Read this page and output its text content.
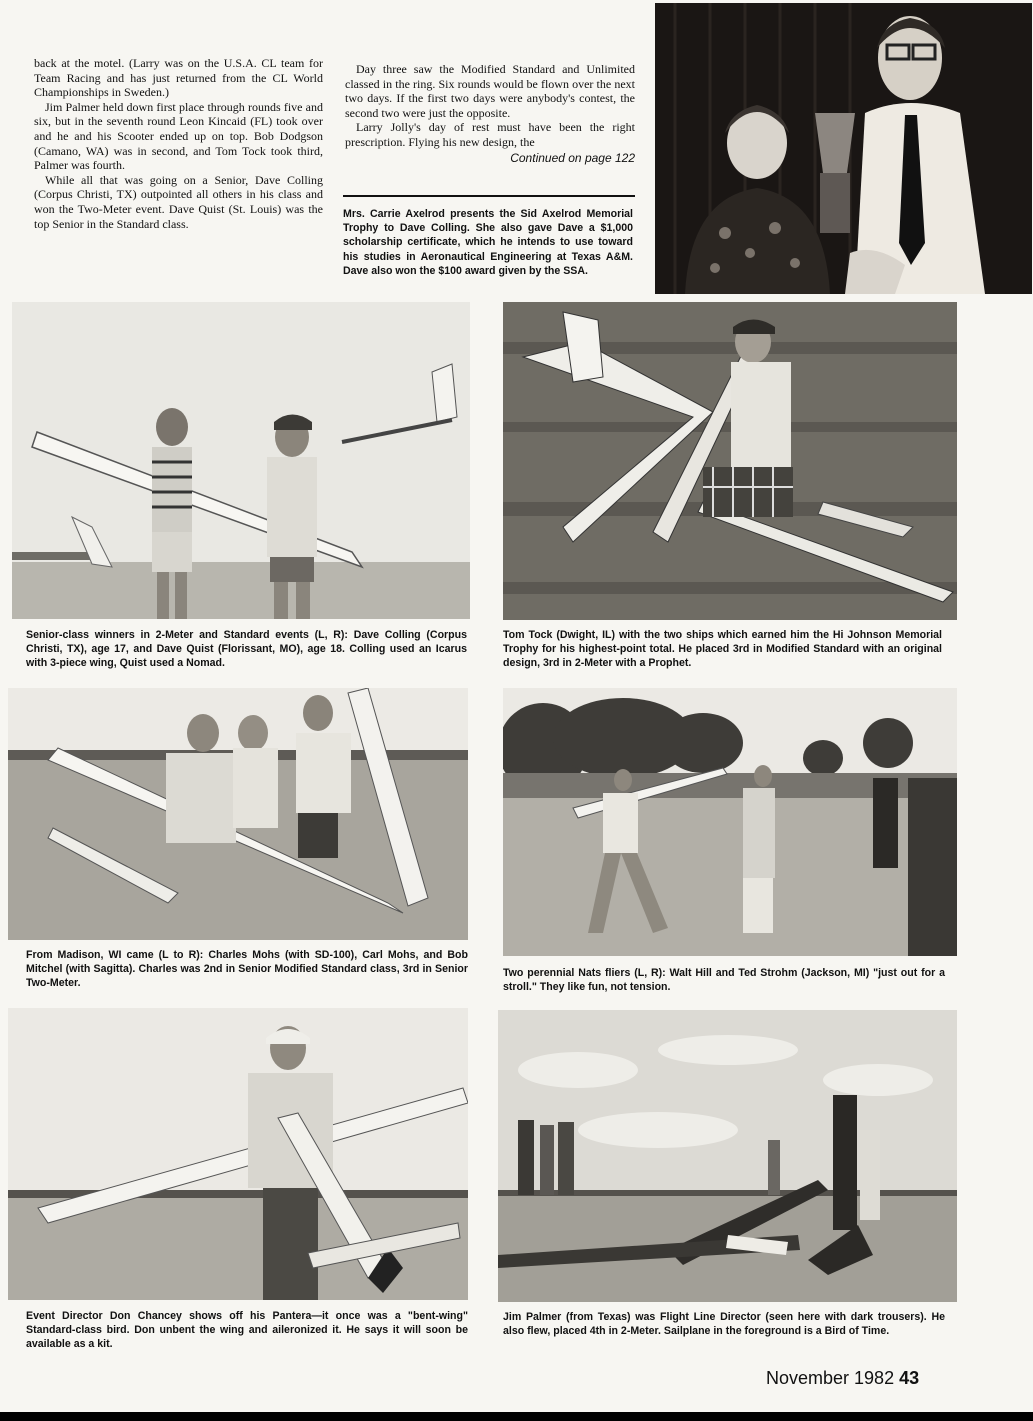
back at the motel. (Larry was on the U.S.A. CL team for Team Racing and has just returned from the CL World Championships in Sweden.)

Jim Palmer held down first place through rounds five and six, but in the seventh round Leon Kincaid (FL) took over and he and his Scooter ended up on top. Bob Dodgson (Camano, WA) was in second, and Tom Tock took third, Palmer was fourth.

While all that was going on a Senior, Dave Colling (Corpus Christi, TX) outpointed all others in his class and won the Two-Meter event. Dave Quist (St. Louis) was the top Senior in the Standard class.

Day three saw the Modified Standard and Unlimited classed in the ring. Six rounds would be flown over the next two days. If the first two days were anybody's contest, the second two were just the opposite.

Larry Jolly's day of rest must have been the right prescription. Flying his new design, the

Continued on page 122
Mrs. Carrie Axelrod presents the Sid Axelrod Memorial Trophy to Dave Colling. She also gave Dave a $1,000 scholarship certificate, which he intends to use toward his studies in Aeronautical Engineering at Texas A&M. Dave also won the $100 award given by the SSA.
Senior-class winners in 2-Meter and Standard events (L, R): Dave Colling (Corpus Christi, TX), age 17, and Dave Quist (Florissant, MO), age 18. Colling used an Icarus with 3-piece wing, Quist used a Nomad.
Tom Tock (Dwight, IL) with the two ships which earned him the Hi Johnson Memorial Trophy for his highest-point total. He placed 3rd in Modified Standard with an original design, 3rd in 2-Meter with a Prophet.
From Madison, WI came (L to R): Charles Mohs (with SD-100), Carl Mohs, and Bob Mitchel (with Sagitta). Charles was 2nd in Senior Modified Standard class, 3rd in Senior Two-Meter.
Two perennial Nats fliers (L, R): Walt Hill and Ted Strohm (Jackson, MI) "just out for a stroll." They like fun, not tension.
Event Director Don Chancey shows off his Pantera—it once was a "bent-wing" Standard-class bird. Don unbent the wing and aileronized it. He says it will soon be available as a kit.
Jim Palmer (from Texas) was Flight Line Director (seen here with dark trousers). He also flew, placed 4th in 2-Meter. Sailplane in the foreground is a Bird of Time.
November 1982 43
